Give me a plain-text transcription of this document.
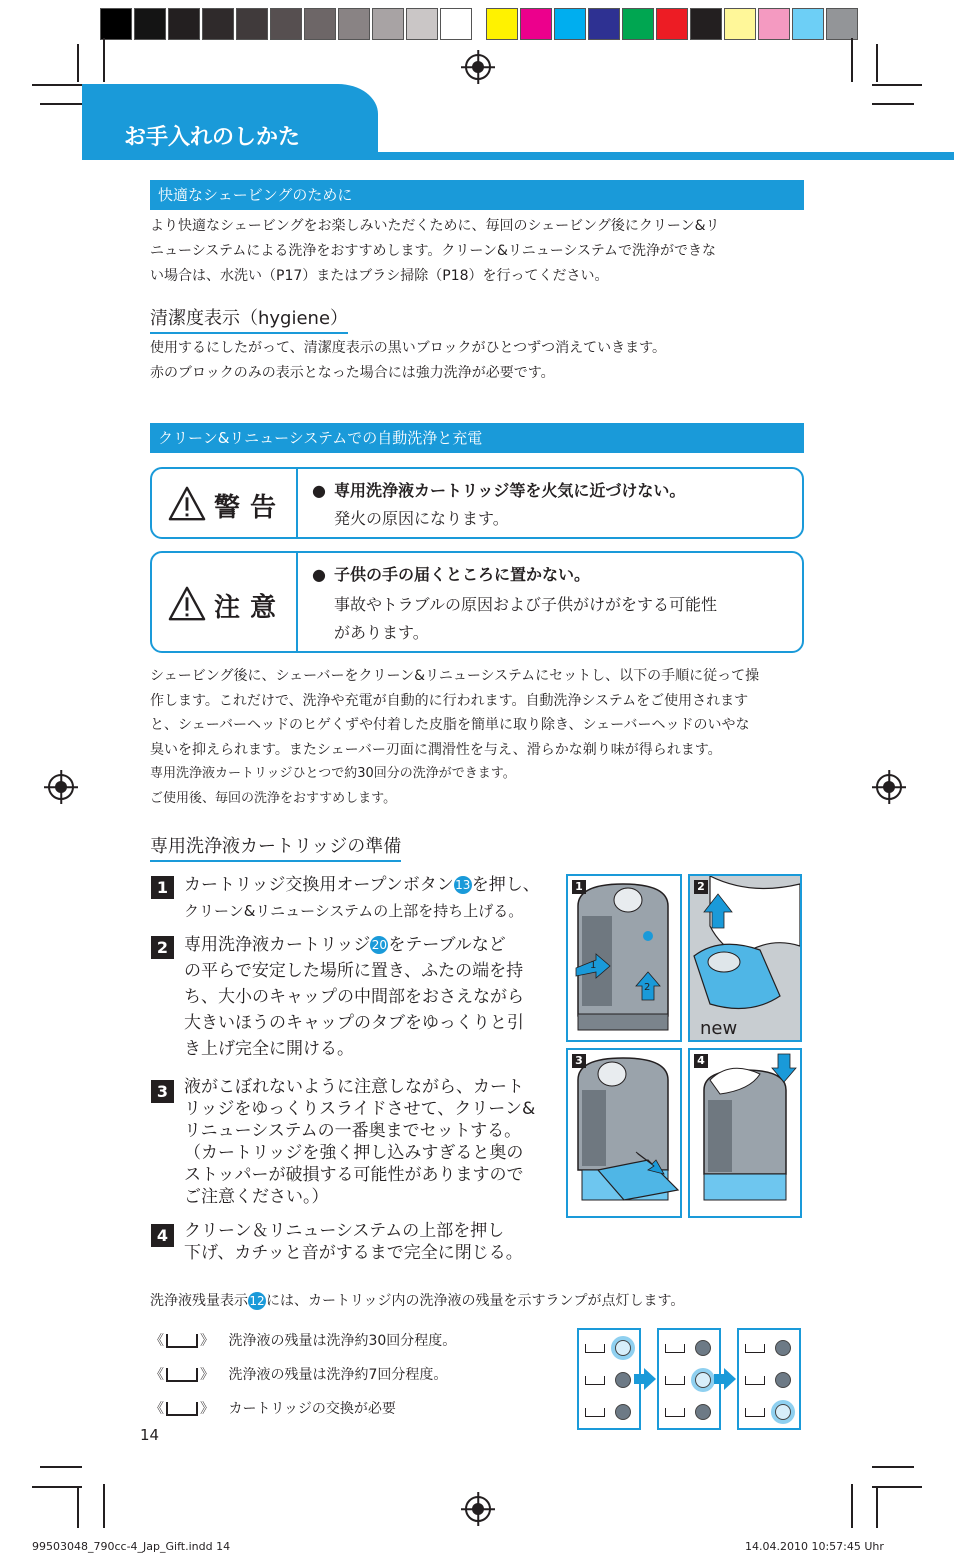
お手入れのしかた
快適なシェービングのために
より快適なシェービングをお楽しみいただくために、毎回のシェービング後にクリーン&リ
ニューシステムによる洗浄をおすすめします。クリーン&リニューシステムで洗浄ができな
い場合は、水洗い（P17）またはブラシ掃除（P18）を行ってください。
清潔度表示（hygiene）
使用するにしたがって、清潔度表示の黒いブロックがひとつずつ消えていきます。
赤のブロックのみの表示となった場合には強力洗浄が必要です。
クリーン&リニューシステムでの自動洗浄と充電
警告
● 専用洗浄液カートリッジ等を火気に近づけない。
発火の原因になります。
注意
● 子供の手の届くところに置かない。
事故やトラブルの原因および子供がけがをする可能性
があります。
シェービング後に、シェーバーをクリーン&リニューシステムにセットし、以下の手順に従って操
作します。これだけで、洗浄や充電が自動的に行われます。自動洗浄システムをご使用されます
と、シェーバーヘッドのヒゲくずや付着した皮脂を簡単に取り除き、シェーバーヘッドのいやな
臭いを抑えられます。またシェーバー刃面に潤滑性を与え、滑らかな剃り味が得られます。
専用洗浄液カートリッジひとつで約30回分の洗浄ができます。
ご使用後、毎回の洗浄をおすすめします。
専用洗浄液カートリッジの準備
1 カートリッジ交換用オープンボタン13を押し、
クリーン&リニューシステムの上部を持ち上げる。
2 専用洗浄液カートリッジ20をテーブルなど
の平らで安定した場所に置き、ふたの端を持
ち、大小のキャップの中間部をおさえながら
大きいほうのキャップのタブをゆっくりと引
き上げ完全に開ける。
3 液がこぼれないように注意しながら、カート
リッジをゆっくりスライドさせて、クリーン&
リニューシステムの一番奥までセットする。
（カートリッジを強く押し込みすぎると奥の
ストッパーが破損する可能性がありますので
ご注意ください。）
4 クリーン＆リニューシステムの上部を押し
下げ、カチッと音がするまで完全に閉じる。
1
1
2
2
new
3	4
洗浄液残量表示12には、カートリッジ内の洗浄液の残量を示すランプが点灯します。
《	》 洗浄液の残量は洗浄約30回分程度。
《	》 洗浄液の残量は洗浄約7回分程度。
《	》 カートリッジの交換が必要
14
99503048_790cc-4_Jap_Gift.indd 14	14.04.2010 10:57:45 Uhr
